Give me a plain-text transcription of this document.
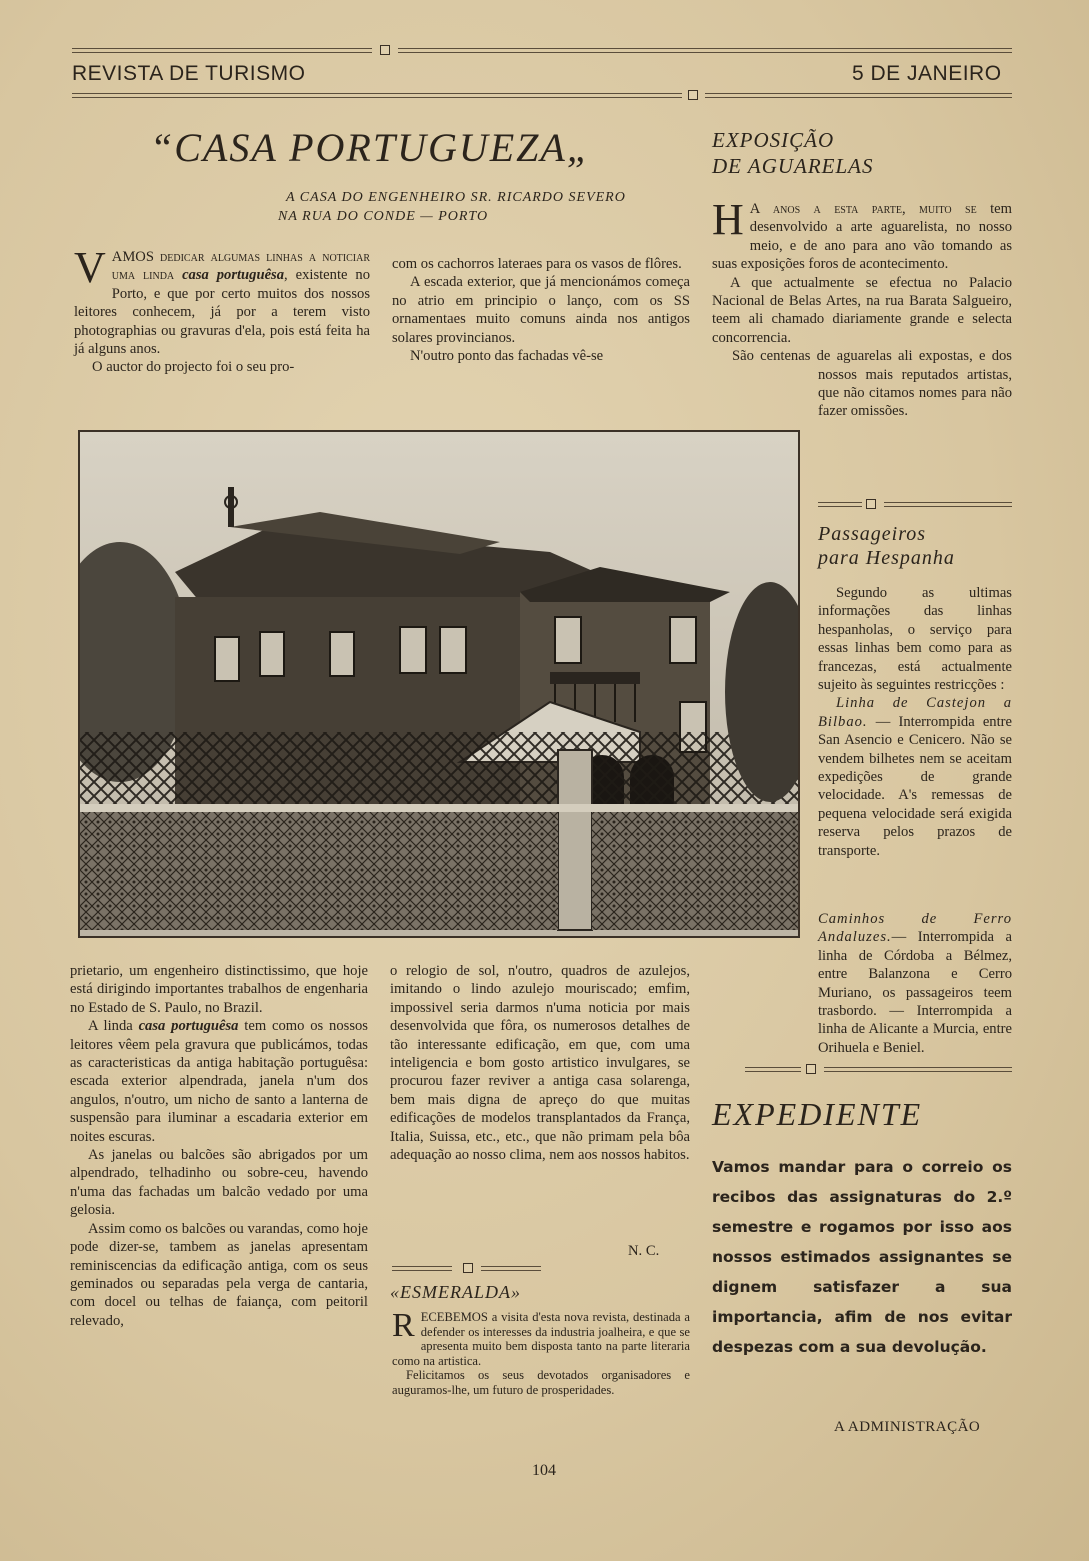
REVISTA DE TURISMO	5 DE JANEIRO
“CASA PORTUGUEZA„
A CASA DO ENGENHEIRO SR. RICARDO SEVERO
NA RUA DO CONDE — PORTO

VAMOS dedicar algumas linhas a noticiar uma linda casa portuguêsa, existente no Porto, e que por certo muitos dos nossos leitores conhecem, já por a terem visto photographias ou gravuras d'ela, pois está feita ha já alguns anos.

O auctor do projecto foi o seu pro-

com os cachorros lateraes para os vasos de flôres.

A escada exterior, que já mencionámos começa no atrio em principio o lanço, com os SS ornamentaes muito comuns ainda nos antigos solares provincianos.

N'outro ponto das fachadas vê-se

prietario, um engenheiro distinctissimo, que hoje está dirigindo importantes trabalhos de engenharia no Estado de S. Paulo, no Brazil.

A linda casa portuguêsa tem como os nossos leitores vêem pela gravura que publicámos, todas as caracteristicas da antiga habitação portuguêsa: escada exterior alpendrada, janela n'um dos angulos, n'outro, um nicho de santo a lanterna de suspensão para iluminar a escadaria exterior em noites escuras.

As janelas ou balcões são abrigados por um alpendrado, telhadinho ou sobre-ceu, havendo n'uma das fachadas um balcão vedado por uma gelosia.

Assim como os balcões ou varandas, como hoje pode dizer-se, tambem as janelas apresentam reminiscencias da edificação antiga, com os seus geminados ou separadas pela verga de cantaria, com docel ou telhas de faiança, com peitoril relevado,

o relogio de sol, n'outro, quadros de azulejos, imitando o lindo azulejo mouriscado; emfim, impossivel seria darmos n'uma noticia por mais desenvolvida que fôra, os numerosos detalhes de tão interessante edificação, em que, com uma inteligencia e bom gosto artistico invulgares, se procurou fazer reviver a antiga casa solarenga, bem mais digna de apreço do que muitas edificações de modelos transplantados da França, Italia, Suissa, etc., etc., que não primam pela bôa adequação ao nosso clima, nem aos nossos habitos.

N. C.
«ESMERALDA»

RECEBEMOS a visita d'esta nova revista, destinada a defender os interesses da industria joalheira, e que se apresenta muito bem disposta tanto na parte literaria como na artistica.

Felicitamos os seus devotados organisadores e auguramos-lhe, um futuro de prosperidades.

EXPOSIÇÃO
DE AGUARELAS

H A anos a esta parte, muito se tem desenvolvido a arte aguarelista, no nosso meio, e de ano para ano vão tomando as suas exposições foros de acontecimento.

A que actualmente se efectua no Palacio Nacional de Belas Artes, na rua Barata Salgueiro, teem ali chamado diariamente grande e selecta concorrencia.

São centenas de aguarelas ali expostas, e dos nossos mais reputados artistas, que não citamos nomes para não fazer omissões.

Passageiros
para Hespanha

Segundo as ultimas informações das linhas hespanholas, o serviço para essas linhas bem como para as francezas, está actualmente sujeito às seguintes restricções :

Linha de Castejon a Bilbao. — Interrompida entre San Asencio e Cenicero. Não se vendem bilhetes nem se aceitam expedições de grande velocidade. A's remessas de pequena velocidade será exigida reserva pelos prazos de transporte.

Caminhos de Ferro Andaluzes.— Interrompida a linha de Córdoba a Bélmez, entre Balanzona e Cerro Muriano, os passageiros teem trasbordo. — Interrompida a linha de Alicante a Murcia, entre Orihuela e Beniel.

EXPEDIENTE
Vamos mandar para o correio os recibos das assignaturas do 2.º semestre e rogamos por isso aos nossos estimados assignantes se dignem satisfazer a sua importancia, afim de nos evitar despezas com a sua devolução.
A ADMINISTRAÇÃO
104
